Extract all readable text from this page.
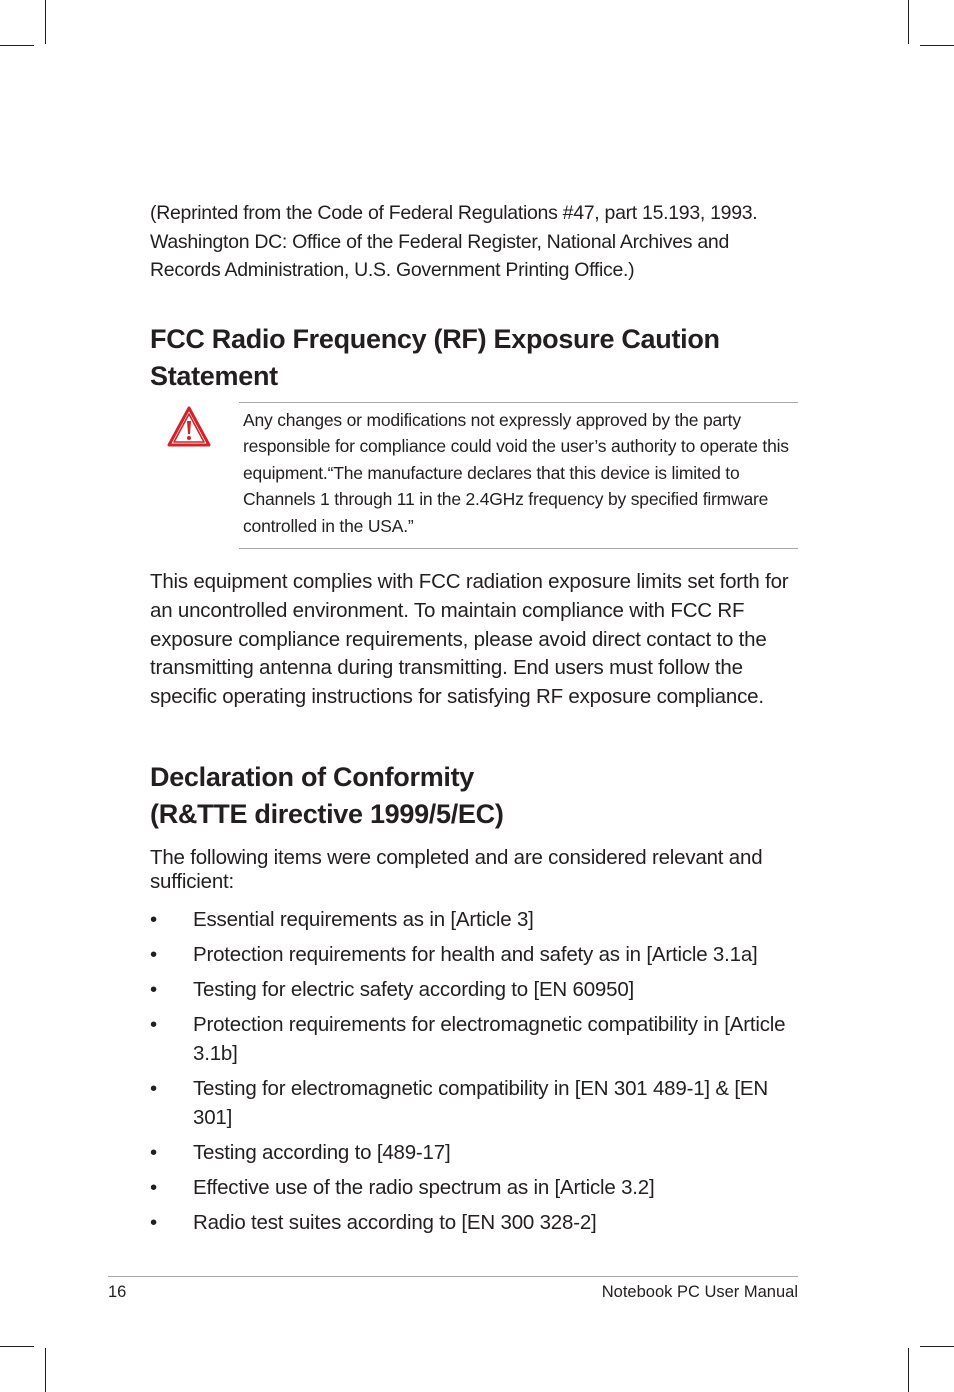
(Reprinted from the Code of Federal Regulations #47, part 15.193, 1993. Washington DC: Office of the Federal Register, National Archives and Records Administration, U.S. Government Printing Office.)
FCC Radio Frequency (RF) Exposure Caution Statement
Any changes or modifications not expressly approved by the party responsible for compliance could void the user’s authority to operate this equipment.“The manufacture declares that this device is limited to Channels 1 through 11 in the 2.4GHz frequency by specified firmware controlled in the USA.”
This equipment complies with FCC radiation exposure limits set forth for an uncontrolled environment. To maintain compliance with FCC RF exposure compliance requirements, please avoid direct contact to the transmitting antenna during transmitting. End users must follow the specific operating instructions for satisfying RF exposure compliance.
Declaration of Conformity
(R&TTE directive 1999/5/EC)
The following items were completed and are considered relevant and sufficient:
• Essential requirements as in [Article 3]
• Protection requirements for health and safety as in [Article 3.1a]
• Testing for electric safety according to [EN 60950]
• Protection requirements for electromagnetic compatibility in [Article 3.1b]
• Testing for electromagnetic compatibility in [EN 301 489-1] & [EN 301]
• Testing according to [489-17]
• Effective use of the radio spectrum as in [Article 3.2]
• Radio test suites according to [EN 300 328-2]
16	Notebook PC User Manual
